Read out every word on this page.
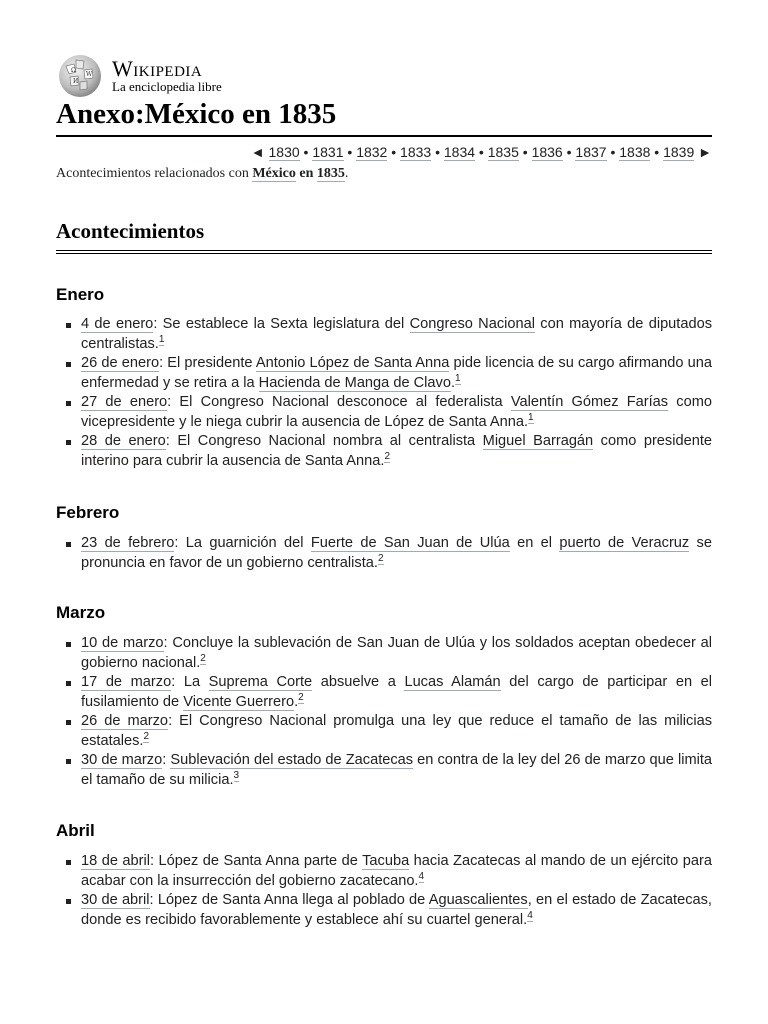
Ω
W
И
Wikipedia
La enciclopedia libre
Anexo:México en 1835
◄ 1830 • 1831 • 1832 • 1833 • 1834 • 1835 • 1836 • 1837 • 1838 • 1839 ►
Acontecimientos relacionados con México en 1835.
Acontecimientos
Enero
4 de enero: Se establece la Sexta legislatura del Congreso Nacional con mayoría de diputados centralistas.$^1$
26 de enero: El presidente Antonio López de Santa Anna pide licencia de su cargo afirmando una enfermedad y se retira a la Hacienda de Manga de Clavo.$^1$
27 de enero: El Congreso Nacional desconoce al federalista Valentín Gómez Farías como vicepresidente y le niega cubrir la ausencia de López de Santa Anna.$^1$
28 de enero: El Congreso Nacional nombra al centralista Miguel Barragán como presidente interino para cubrir la ausencia de Santa Anna.$^2$
Febrero
23 de febrero: La guarnición del Fuerte de San Juan de Ulúa en el puerto de Veracruz se pronuncia en favor de un gobierno centralista.$^2$
Marzo
10 de marzo: Concluye la sublevación de San Juan de Ulúa y los soldados aceptan obedecer al gobierno nacional.$^2$
17 de marzo: La Suprema Corte absuelve a Lucas Alamán del cargo de participar en el fusilamiento de Vicente Guerrero.$^2$
26 de marzo: El Congreso Nacional promulga una ley que reduce el tamaño de las milicias estatales.$^2$
30 de marzo: Sublevación del estado de Zacatecas en contra de la ley del 26 de marzo que limita el tamaño de su milicia.$^3$
Abril
18 de abril: López de Santa Anna parte de Tacuba hacia Zacatecas al mando de un ejército para acabar con la insurrección del gobierno zacatecano.$^4$
30 de abril: López de Santa Anna llega al poblado de Aguascalientes, en el estado de Zacatecas, donde es recibido favorablemente y establece ahí su cuartel general.$^4$
